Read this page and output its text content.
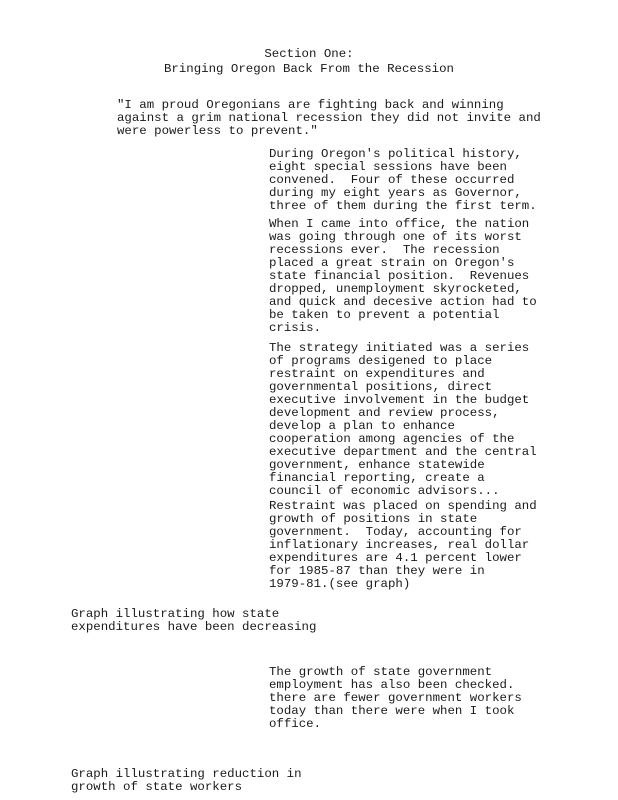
Section One:
Bringing Oregon Back From the Recession
"I am proud Oregonians are fighting back and winning
against a grim national recession they did not invite and
were powerless to prevent."
During Oregon's political history,
eight special sessions have been
convened.  Four of these occurred
during my eight years as Governor,
three of them during the first term.
When I came into office, the nation
was going through one of its worst
recessions ever.  The recession
placed a great strain on Oregon's
state financial position.  Revenues
dropped, unemployment skyrocketed,
and quick and decesive action had to
be taken to prevent a potential
crisis.
The strategy initiated was a series
of programs desigened to place
restraint on expenditures and
governmental positions, direct
executive involvement in the budget
development and review process,
develop a plan to enhance
cooperation among agencies of the
executive department and the central
government, enhance statewide
financial reporting, create a
council of economic advisors...
Restraint was placed on spending and
growth of positions in state
government.  Today, accounting for
inflationary increases, real dollar
expenditures are 4.1 percent lower
for 1985-87 than they were in
1979-81.(see graph)
Graph illustrating how state
expenditures have been decreasing
The growth of state government
employment has also been checked.
there are fewer government workers
today than there were when I took
office.
Graph illustrating reduction in
growth of state workers
